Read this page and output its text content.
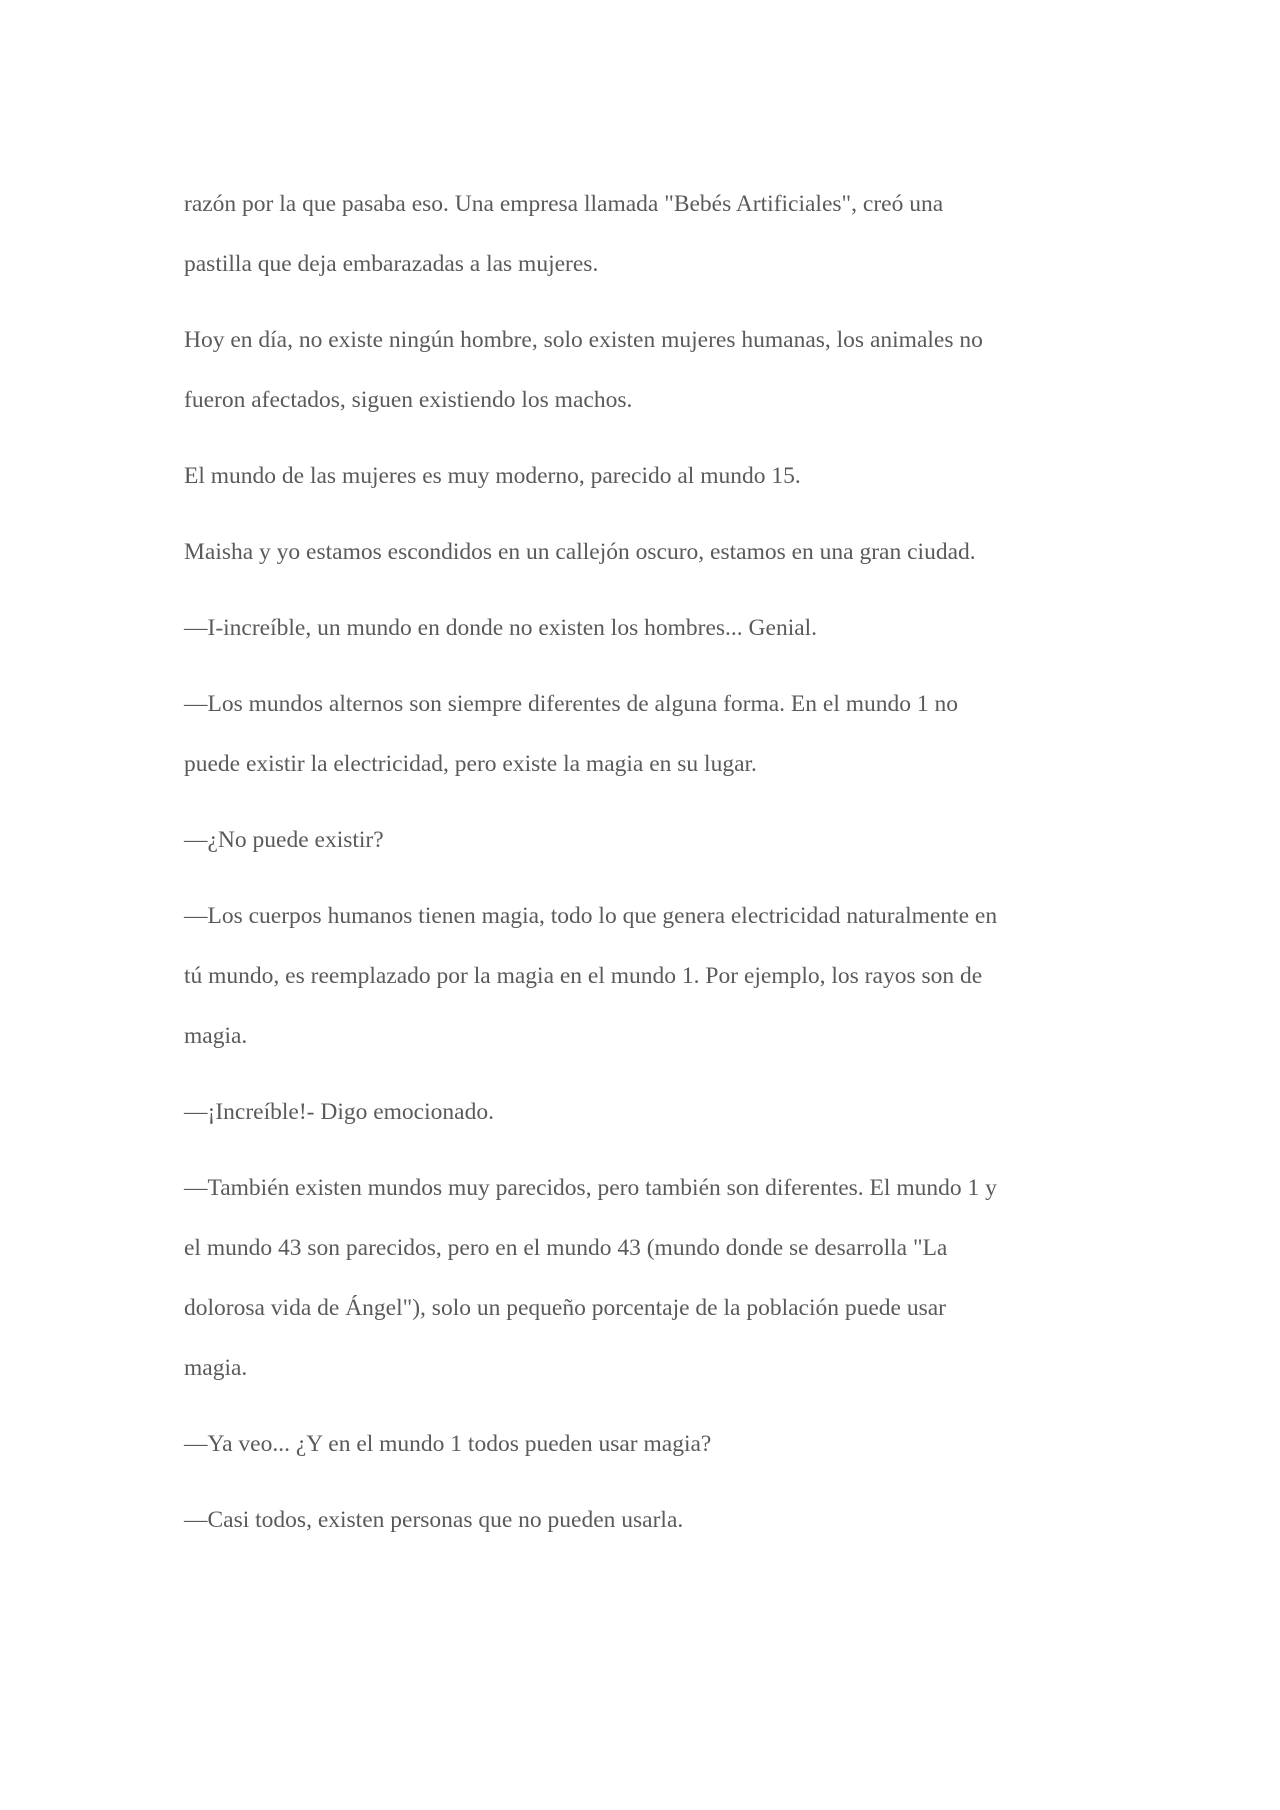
razón por la que pasaba eso. Una empresa llamada "Bebés Artificiales", creó una
pastilla que deja embarazadas a las mujeres.

Hoy en día, no existe ningún hombre, solo existen mujeres humanas, los animales no
fueron afectados, siguen existiendo los machos.

El mundo de las mujeres es muy moderno, parecido al mundo 15.

Maisha y yo estamos escondidos en un callejón oscuro, estamos en una gran ciudad.

—I-increíble, un mundo en donde no existen los hombres... Genial.

—Los mundos alternos son siempre diferentes de alguna forma. En el mundo 1 no
puede existir la electricidad, pero existe la magia en su lugar.

—¿No puede existir?

—Los cuerpos humanos tienen magia, todo lo que genera electricidad naturalmente en
tú mundo, es reemplazado por la magia en el mundo 1. Por ejemplo, los rayos son de
magia.

—¡Increíble!- Digo emocionado.

—También existen mundos muy parecidos, pero también son diferentes. El mundo 1 y
el mundo 43 son parecidos, pero en el mundo 43 (mundo donde se desarrolla "La
dolorosa vida de Ángel"), solo un pequeño porcentaje de la población puede usar
magia.

—Ya veo... ¿Y en el mundo 1 todos pueden usar magia?

—Casi todos, existen personas que no pueden usarla.
